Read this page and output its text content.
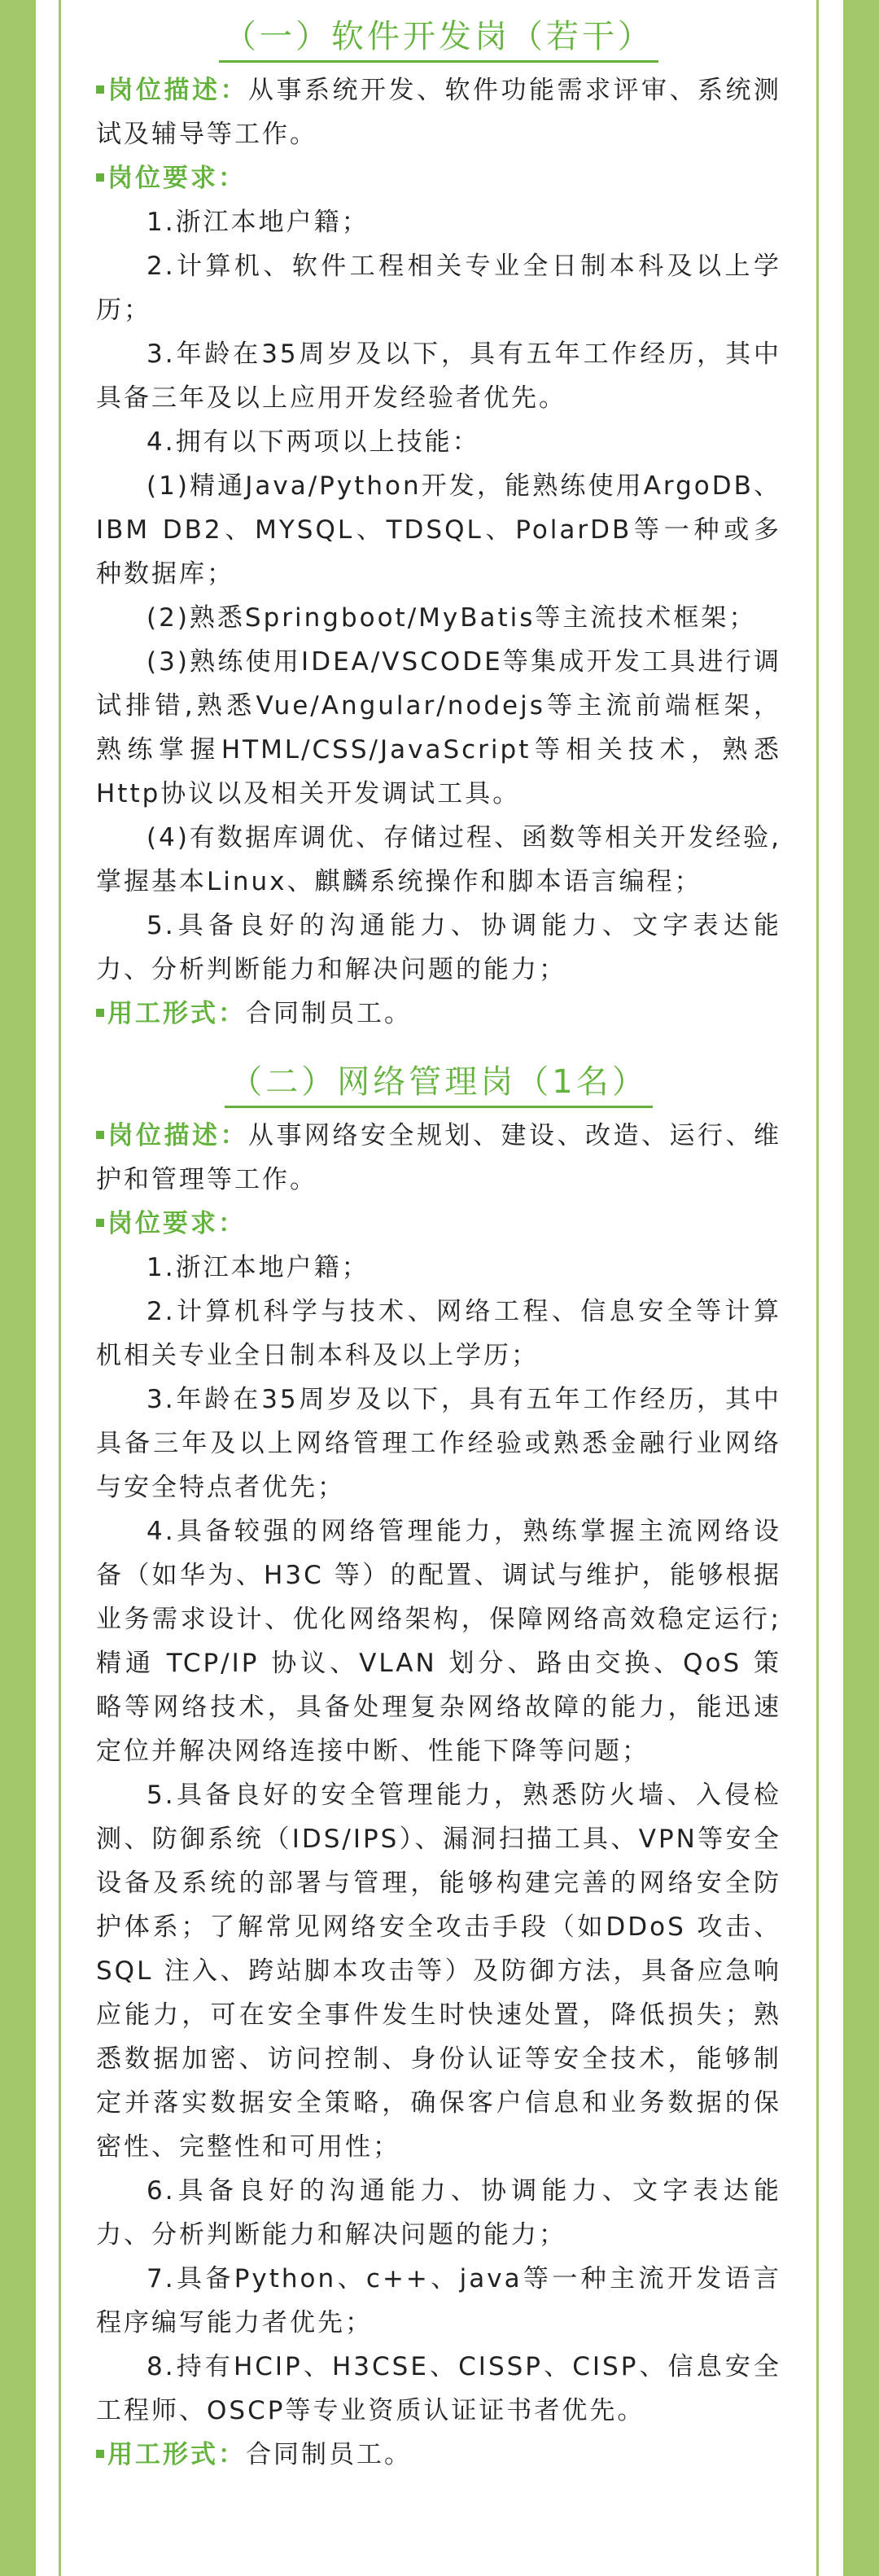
（一）软件开发岗（若干）

岗位描述：从事系统开发、软件功能需求评审、系统测试及辅导等工作。

岗位要求：

1.浙江本地户籍；

2.计算机、软件工程相关专业全日制本科及以上学历；

3.年龄在35周岁及以下，具有五年工作经历，其中具备三年及以上应用开发经验者优先。

4.拥有以下两项以上技能：

(1)精通Java/Python开发，能熟练使用ArgoDB、IBM DB2、MYSQL、TDSQL、PolarDB等一种或多种数据库；

(2)熟悉Springboot/MyBatis等主流技术框架；

(3)熟练使用IDEA/VSCODE等集成开发工具进行调试排错,熟悉Vue/Angular/nodejs等主流前端框架，熟练掌握HTML/CSS/JavaScript等相关技术，熟悉Http协议以及相关开发调试工具。

(4)有数据库调优、存储过程、函数等相关开发经验,掌握基本Linux、麒麟系统操作和脚本语言编程；

5.具备良好的沟通能力、协调能力、文字表达能力、分析判断能力和解决问题的能力；

用工形式：合同制员工。

（二）网络管理岗（1名）

岗位描述：从事网络安全规划、建设、改造、运行、维护和管理等工作。

岗位要求：

1.浙江本地户籍；

2.计算机科学与技术、网络工程、信息安全等计算机相关专业全日制本科及以上学历；

3.年龄在35周岁及以下，具有五年工作经历，其中具备三年及以上网络管理工作经验或熟悉金融行业网络与安全特点者优先；

4.具备较强的网络管理能力，熟练掌握主流网络设备（如华为、H3C 等）的配置、调试与维护，能够根据业务需求设计、优化网络架构，保障网络高效稳定运行;精通 TCP/IP 协议、VLAN 划分、路由交换、QoS 策略等网络技术，具备处理复杂网络故障的能力，能迅速定位并解决网络连接中断、性能下降等问题；

5.具备良好的安全管理能力，熟悉防火墙、入侵检测、防御系统（IDS/IPS）、漏洞扫描工具、VPN等安全设备及系统的部署与管理，能够构建完善的网络安全防护体系；了解常见网络安全攻击手段（如DDoS 攻击、SQL 注入、跨站脚本攻击等）及防御方法，具备应急响应能力，可在安全事件发生时快速处置，降低损失；熟悉数据加密、访问控制、身份认证等安全技术，能够制定并落实数据安全策略，确保客户信息和业务数据的保密性、完整性和可用性；

6.具备良好的沟通能力、协调能力、文字表达能力、分析判断能力和解决问题的能力；

7.具备Python、c++、java等一种主流开发语言程序编写能力者优先；

8.持有HCIP、H3CSE、CISSP、CISP、信息安全工程师、OSCP等专业资质认证证书者优先。

用工形式：合同制员工。
